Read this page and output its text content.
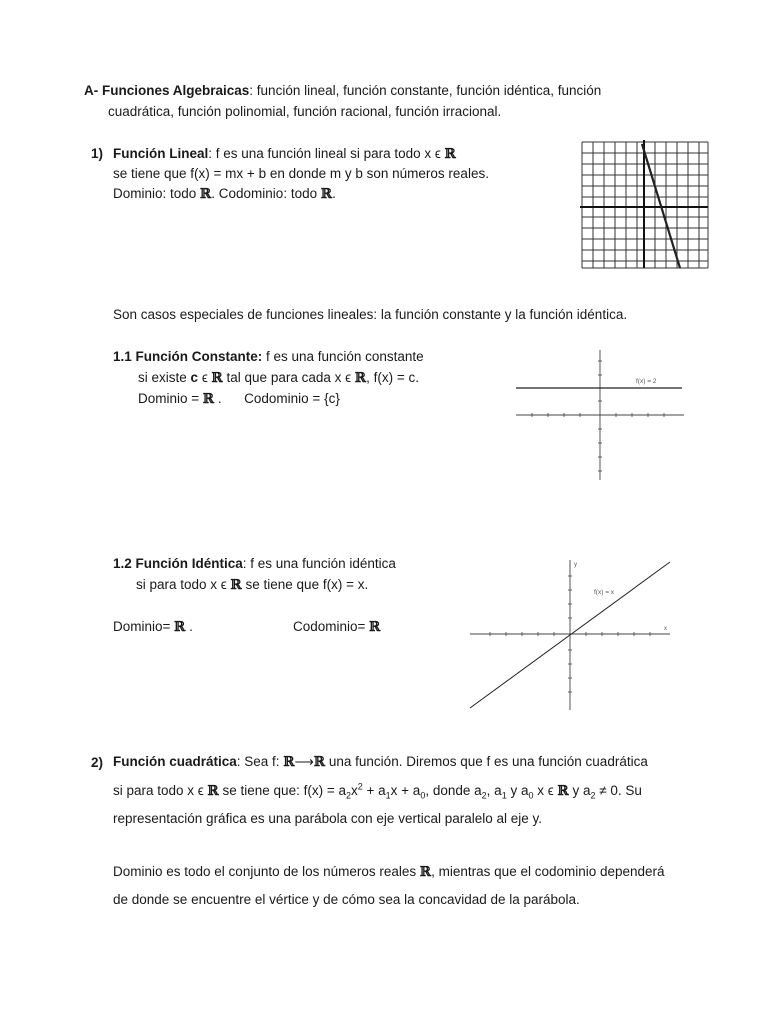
A- Funciones Algebraicas: función lineal, función constante, función idéntica, función
cuadrática, función polinomial, función racional, función irracional.
1) Función Lineal: f es una función lineal si para todo x ϵ ℝ
se tiene que f(x) = mx + b en donde m y b son números reales.
Dominio: todo ℝ. Codominio: todo ℝ.
Son casos especiales de funciones lineales: la función constante y la función idéntica.
1.1 Función Constante: f es una función constante
si existe c ϵ ℝ tal que para cada x ϵ ℝ, f(x) = c.
Dominio = ℝ .      Codominio = {c}
f(x) = 2
1.2 Función Idéntica: f es una función idéntica
si para todo x ϵ ℝ se tiene que f(x) = x.
Dominio= ℝ .	Codominio= ℝ
f(x) = x
x
y
2) Función cuadrática: Sea f: ℝ⟶ℝ una función. Diremos que f es una función cuadrática
si para todo x ϵ ℝ se tiene que: $f(x) = a_2x^2 + a_1x + a_0$, donde $a_2$, $a_1$ y $a_0$ x ϵ ℝ y $a_2 \ne 0$. Su
representación gráfica es una parábola con eje vertical paralelo al eje y.
Dominio es todo el conjunto de los números reales ℝ, mientras que el codominio dependerá
de donde se encuentre el vértice y de cómo sea la concavidad de la parábola.
